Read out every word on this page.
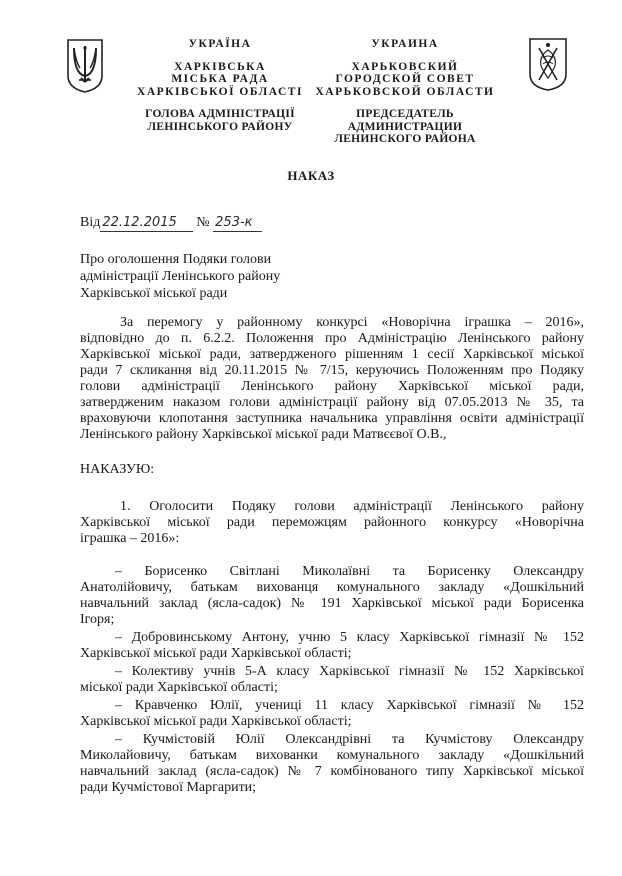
УКРАЇНА
ХАРКІВСЬКА
МІСЬКА РАДА
ХАРКІВСЬКОЇ ОБЛАСТІ
ГОЛОВА АДМІНІСТРАЦІЇ
ЛЕНІНСЬКОГО РАЙОНУ
УКРАИНА
ХАРЬКОВСКИЙ
ГОРОДСКОЙ СОВЕТ
ХАРЬКОВСКОЙ ОБЛАСТИ
ПРЕДСЕДАТЕЛЬ АДМИНИСТРАЦИИ
ЛЕНИНСКОГО РАЙОНА
НАКАЗ
Від 22.12.2015 № 253-к
Про оголошення Подяки голови
адміністрації Ленінського району
Харківської міської ради
За перемогу у районному конкурсі «Новорічна іграшка – 2016»,
відповідно до п. 6.2.2. Положення про Адміністрацію Ленінського району
Харківської міської ради, затвердженого рішенням 1 сесії Харківської міської
ради 7 скликання від 20.11.2015 № 7/15, керуючись Положенням про Подяку
голови адміністрації Ленінського району Харківської міської ради,
затвердженим наказом голови адміністрації району від 07.05.2013 № 35, та
враховуючи клопотання заступника начальника управління освіти адміністрації
Ленінського району Харківської міської ради Матвєєвої О.В.,
НАКАЗУЮ:
1. Оголосити Подяку голови адміністрації Ленінського району
Харківської міської ради переможцям районного конкурсу «Новорічна
іграшка – 2016»:
– Борисенко Світлані Миколаївні та Борисенку Олександру
Анатолійовичу, батькам вихованця комунального закладу «Дошкільний
навчальний заклад (ясла-садок) № 191 Харківської міської ради Борисенка
Ігоря;
– Добровинському Антону, учню 5 класу Харківської гімназії № 152
Харківської міської ради Харківської області;
– Колективу учнів 5-А класу Харківської гімназії № 152 Харківської
міської ради Харківської області;
– Кравченко Юлії, учениці 11 класу Харківської гімназії № 152
Харківської міської ради Харківської області;
– Кучмістовій Юлії Олександрівні та Кучмістову Олександру
Миколайовичу, батькам вихованки комунального закладу «Дошкільний
навчальний заклад (ясла-садок) № 7 комбінованого типу Харківської міської
ради Кучмістової Маргарити;
